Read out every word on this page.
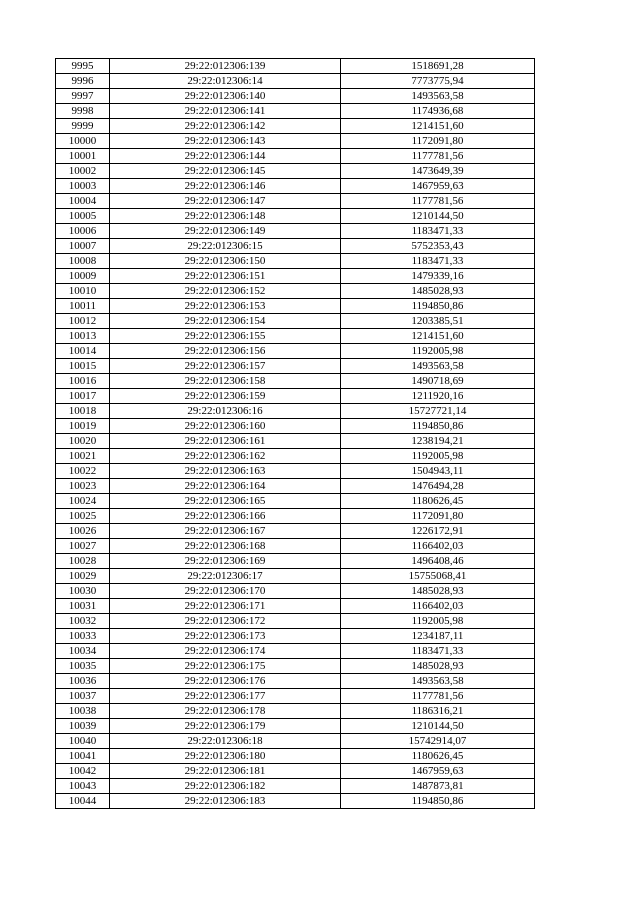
9995	29:22:012306:139	1518691,28
9996	29:22:012306:14	7773775,94
9997	29:22:012306:140	1493563,58
9998	29:22:012306:141	1174936,68
9999	29:22:012306:142	1214151,60
10000	29:22:012306:143	1172091,80
10001	29:22:012306:144	1177781,56
10002	29:22:012306:145	1473649,39
10003	29:22:012306:146	1467959,63
10004	29:22:012306:147	1177781,56
10005	29:22:012306:148	1210144,50
10006	29:22:012306:149	1183471,33
10007	29:22:012306:15	5752353,43
10008	29:22:012306:150	1183471,33
10009	29:22:012306:151	1479339,16
10010	29:22:012306:152	1485028,93
10011	29:22:012306:153	1194850,86
10012	29:22:012306:154	1203385,51
10013	29:22:012306:155	1214151,60
10014	29:22:012306:156	1192005,98
10015	29:22:012306:157	1493563,58
10016	29:22:012306:158	1490718,69
10017	29:22:012306:159	1211920,16
10018	29:22:012306:16	15727721,14
10019	29:22:012306:160	1194850,86
10020	29:22:012306:161	1238194,21
10021	29:22:012306:162	1192005,98
10022	29:22:012306:163	1504943,11
10023	29:22:012306:164	1476494,28
10024	29:22:012306:165	1180626,45
10025	29:22:012306:166	1172091,80
10026	29:22:012306:167	1226172,91
10027	29:22:012306:168	1166402,03
10028	29:22:012306:169	1496408,46
10029	29:22:012306:17	15755068,41
10030	29:22:012306:170	1485028,93
10031	29:22:012306:171	1166402,03
10032	29:22:012306:172	1192005,98
10033	29:22:012306:173	1234187,11
10034	29:22:012306:174	1183471,33
10035	29:22:012306:175	1485028,93
10036	29:22:012306:176	1493563,58
10037	29:22:012306:177	1177781,56
10038	29:22:012306:178	1186316,21
10039	29:22:012306:179	1210144,50
10040	29:22:012306:18	15742914,07
10041	29:22:012306:180	1180626,45
10042	29:22:012306:181	1467959,63
10043	29:22:012306:182	1487873,81
10044	29:22:012306:183	1194850,86
